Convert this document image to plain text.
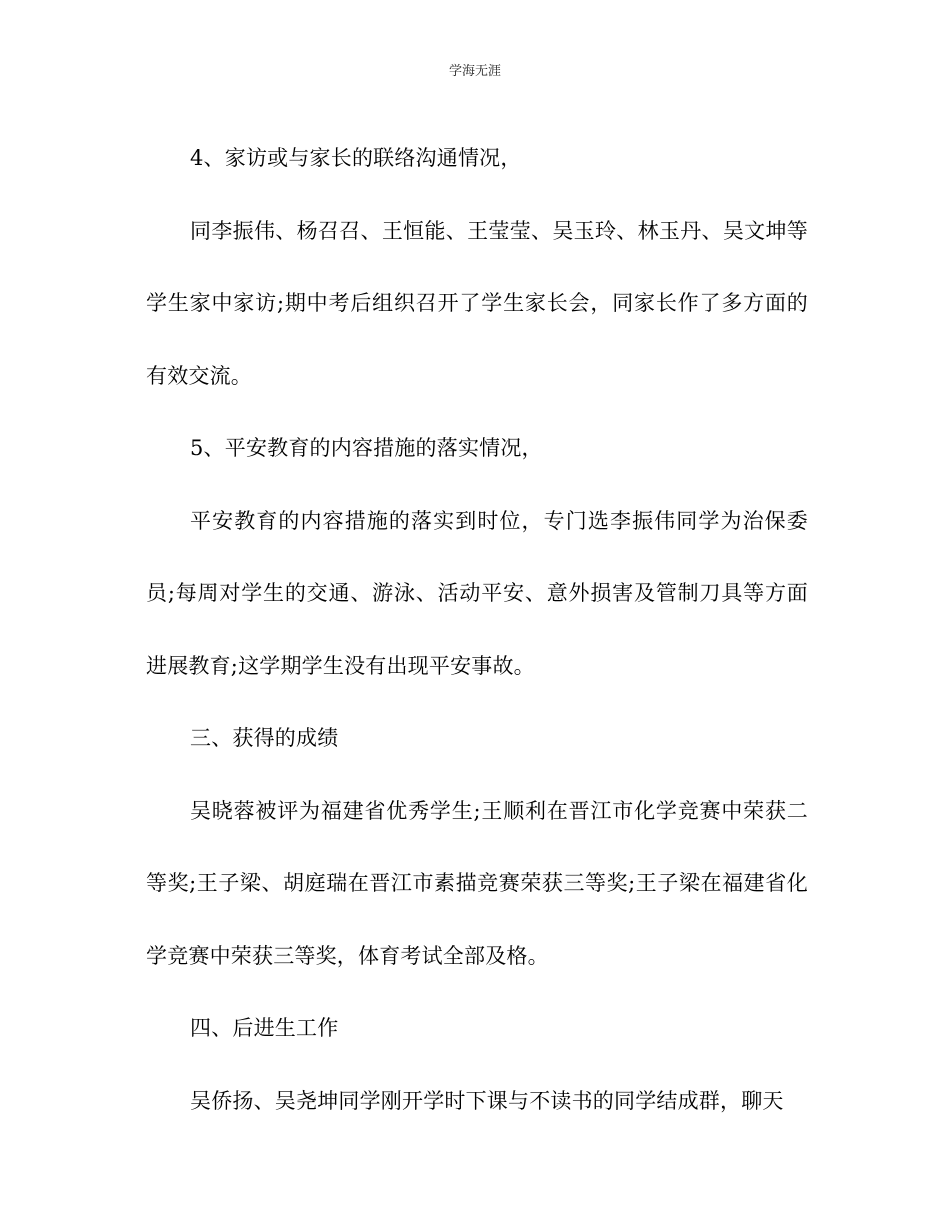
学海无涯

4、家访或与家长的联络沟通情况，

同李振伟、杨召召、王恒能、王莹莹、吴玉玲、林玉丹、吴文坤等学生家中家访;期中考后组织召开了学生家长会，同家长作了多方面的有效交流。

5、平安教育的内容措施的落实情况，

平安教育的内容措施的落实到时位，专门选李振伟同学为治保委员;每周对学生的交通、游泳、活动平安、意外损害及管制刀具等方面进展教育;这学期学生没有出现平安事故。

三、获得的成绩

吴晓蓉被评为福建省优秀学生;王顺利在晋江市化学竞赛中荣获二等奖;王子梁、胡庭瑞在晋江市素描竞赛荣获三等奖;王子梁在福建省化学竞赛中荣获三等奖，体育考试全部及格。

四、后进生工作

吴侨扬、吴尧坤同学刚开学时下课与不读书的同学结成群，聊天
